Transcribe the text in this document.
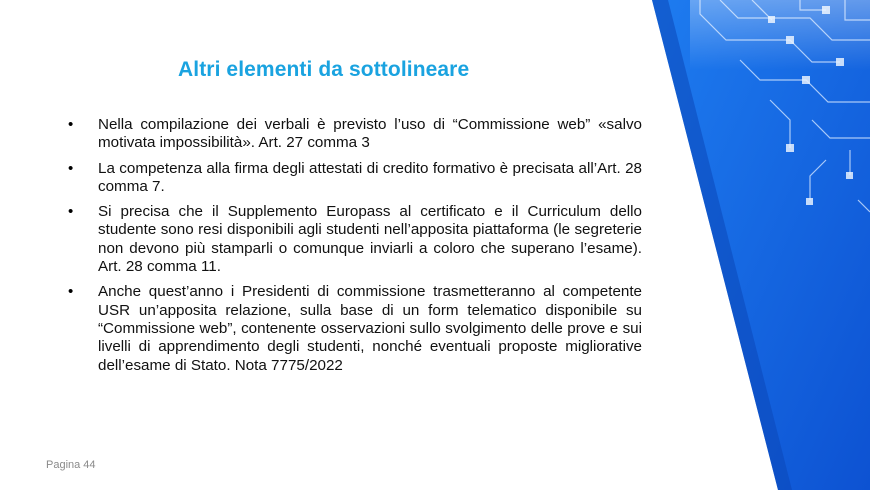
Altri elementi da sottolineare
• Nella compilazione dei verbali è previsto l’uso di “Commissione web” «salvo motivata impossibilità». Art. 27 comma 3
• La competenza alla firma degli attestati di credito formativo è precisata all’Art. 28 comma 7.
• Si precisa che il Supplemento Europass al certificato e il Curriculum dello studente sono resi disponibili agli studenti nell’apposita piattaforma (le segreterie non devono più stamparli o comunque inviarli a coloro che superano l’esame). Art. 28 comma 11.
• Anche quest’anno i Presidenti di commissione trasmetteranno al competente USR un’apposita relazione, sulla base di un form telematico disponibile su “Commissione web”, contenente osservazioni sullo svolgimento delle prove e sui livelli di apprendimento degli studenti, nonché eventuali proposte migliorative dell’esame di Stato. Nota 7775/2022
Pagina 44
